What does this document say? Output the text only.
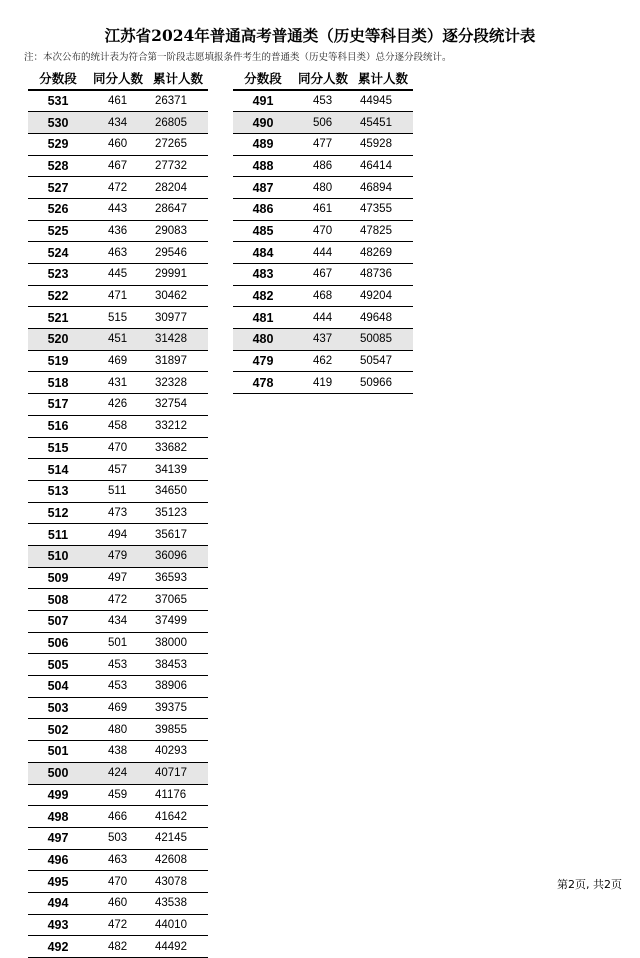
江苏省2024年普通高考普通类（历史等科目类）逐分段统计表
注：本次公布的统计表为符合第一阶段志愿填报条件考生的普通类（历史等科目类）总分逐分段统计。
分数段	同分人数	累计人数
531	461	26371
530	434	26805
529	460	27265
528	467	27732
527	472	28204
526	443	28647
525	436	29083
524	463	29546
523	445	29991
522	471	30462
521	515	30977
520	451	31428
519	469	31897
518	431	32328
517	426	32754
516	458	33212
515	470	33682
514	457	34139
513	511	34650
512	473	35123
511	494	35617
510	479	36096
509	497	36593
508	472	37065
507	434	37499
506	501	38000
505	453	38453
504	453	38906
503	469	39375
502	480	39855
501	438	40293
500	424	40717
499	459	41176
498	466	41642
497	503	42145
496	463	42608
495	470	43078
494	460	43538
493	472	44010
492	482	44492
分数段	同分人数	累计人数
491	453	44945
490	506	45451
489	477	45928
488	486	46414
487	480	46894
486	461	47355
485	470	47825
484	444	48269
483	467	48736
482	468	49204
481	444	49648
480	437	50085
479	462	50547
478	419	50966
第2页, 共2页
